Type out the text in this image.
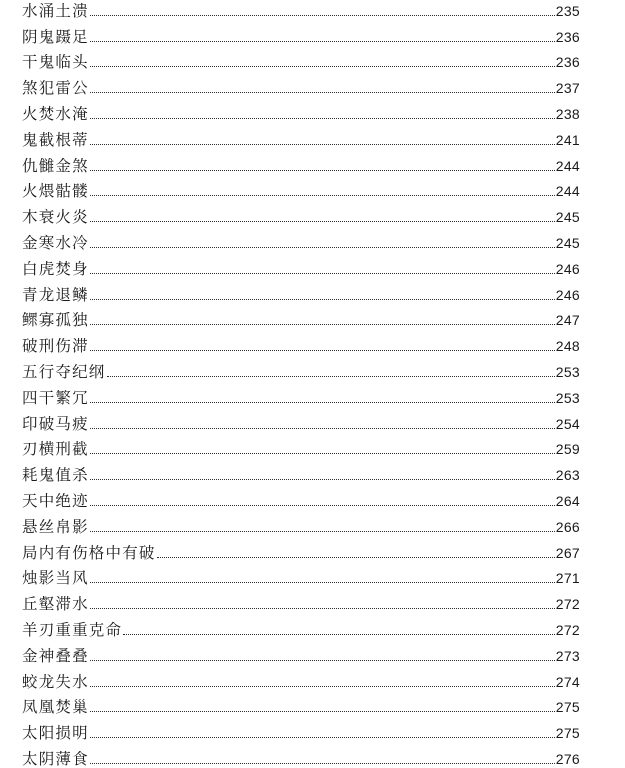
水涌土溃	235
阴鬼蹑足	236
干鬼临头	236
煞犯雷公	237
火焚水淹	238
鬼截根蒂	241
仇雠金煞	244
火煨骷髅	244
木衰火炎	245
金寒水冷	245
白虎焚身	246
青龙退鳞	246
鳏寡孤独	247
破刑伤滞	248
五行夺纪纲	253
四干繁冗	253
印破马疲	254
刃横刑截	259
耗鬼值杀	263
天中绝迹	264
悬丝帛影	266
局内有伤格中有破	267
烛影当风	271
丘壑滞水	272
羊刃重重克命	272
金神叠叠	273
蛟龙失水	274
凤凰焚巢	275
太阳损明	275
太阴薄食	276
